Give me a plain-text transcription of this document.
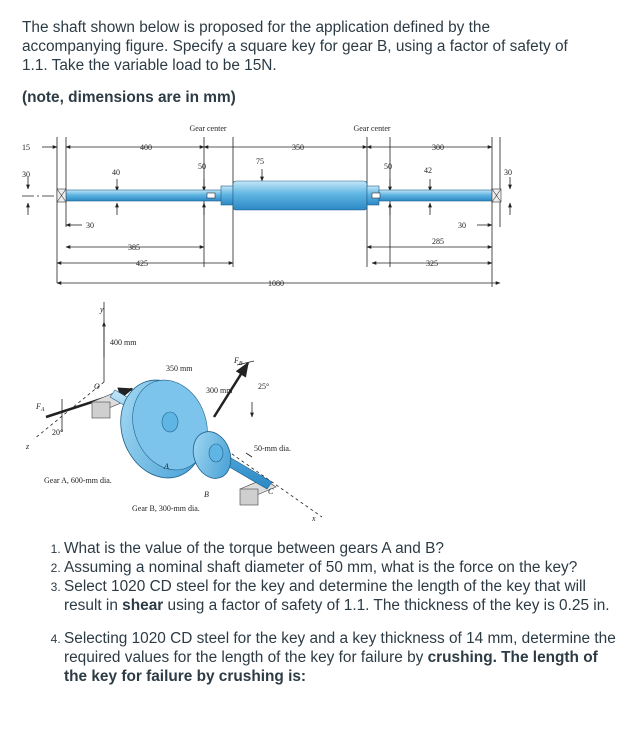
The shaft shown below is proposed for the application defined by the accompanying figure. Specify a square key for gear B, using a factor of safety of 1.1. Take the variable load to be 15N.
(note, dimensions are in mm)
Gear center	Gear center
15	400	350	300
30	40
50
75
50	42	30
30	30
385
425
285
325
1080
y
O
$F_A$
20°
z
400 mm
350 mm
300 mm
$F_B$
25°
50-mm dia.
A
B	C
x
Gear A, 600-mm dia.
Gear B, 300-mm dia.
1. What is the value of the torque between gears A and B?
2. Assuming a nominal shaft diameter of 50 mm, what is the force on the key?
3. Select 1020 CD steel for the key and determine the length of the key that will result in shear using a factor of safety of 1.1. The thickness of the key is 0.25 in.
4. Selecting 1020 CD steel for the key and a key thickness of 14 mm, determine the required values for the length of the key for failure by crushing. The length of the key for failure by crushing is:
